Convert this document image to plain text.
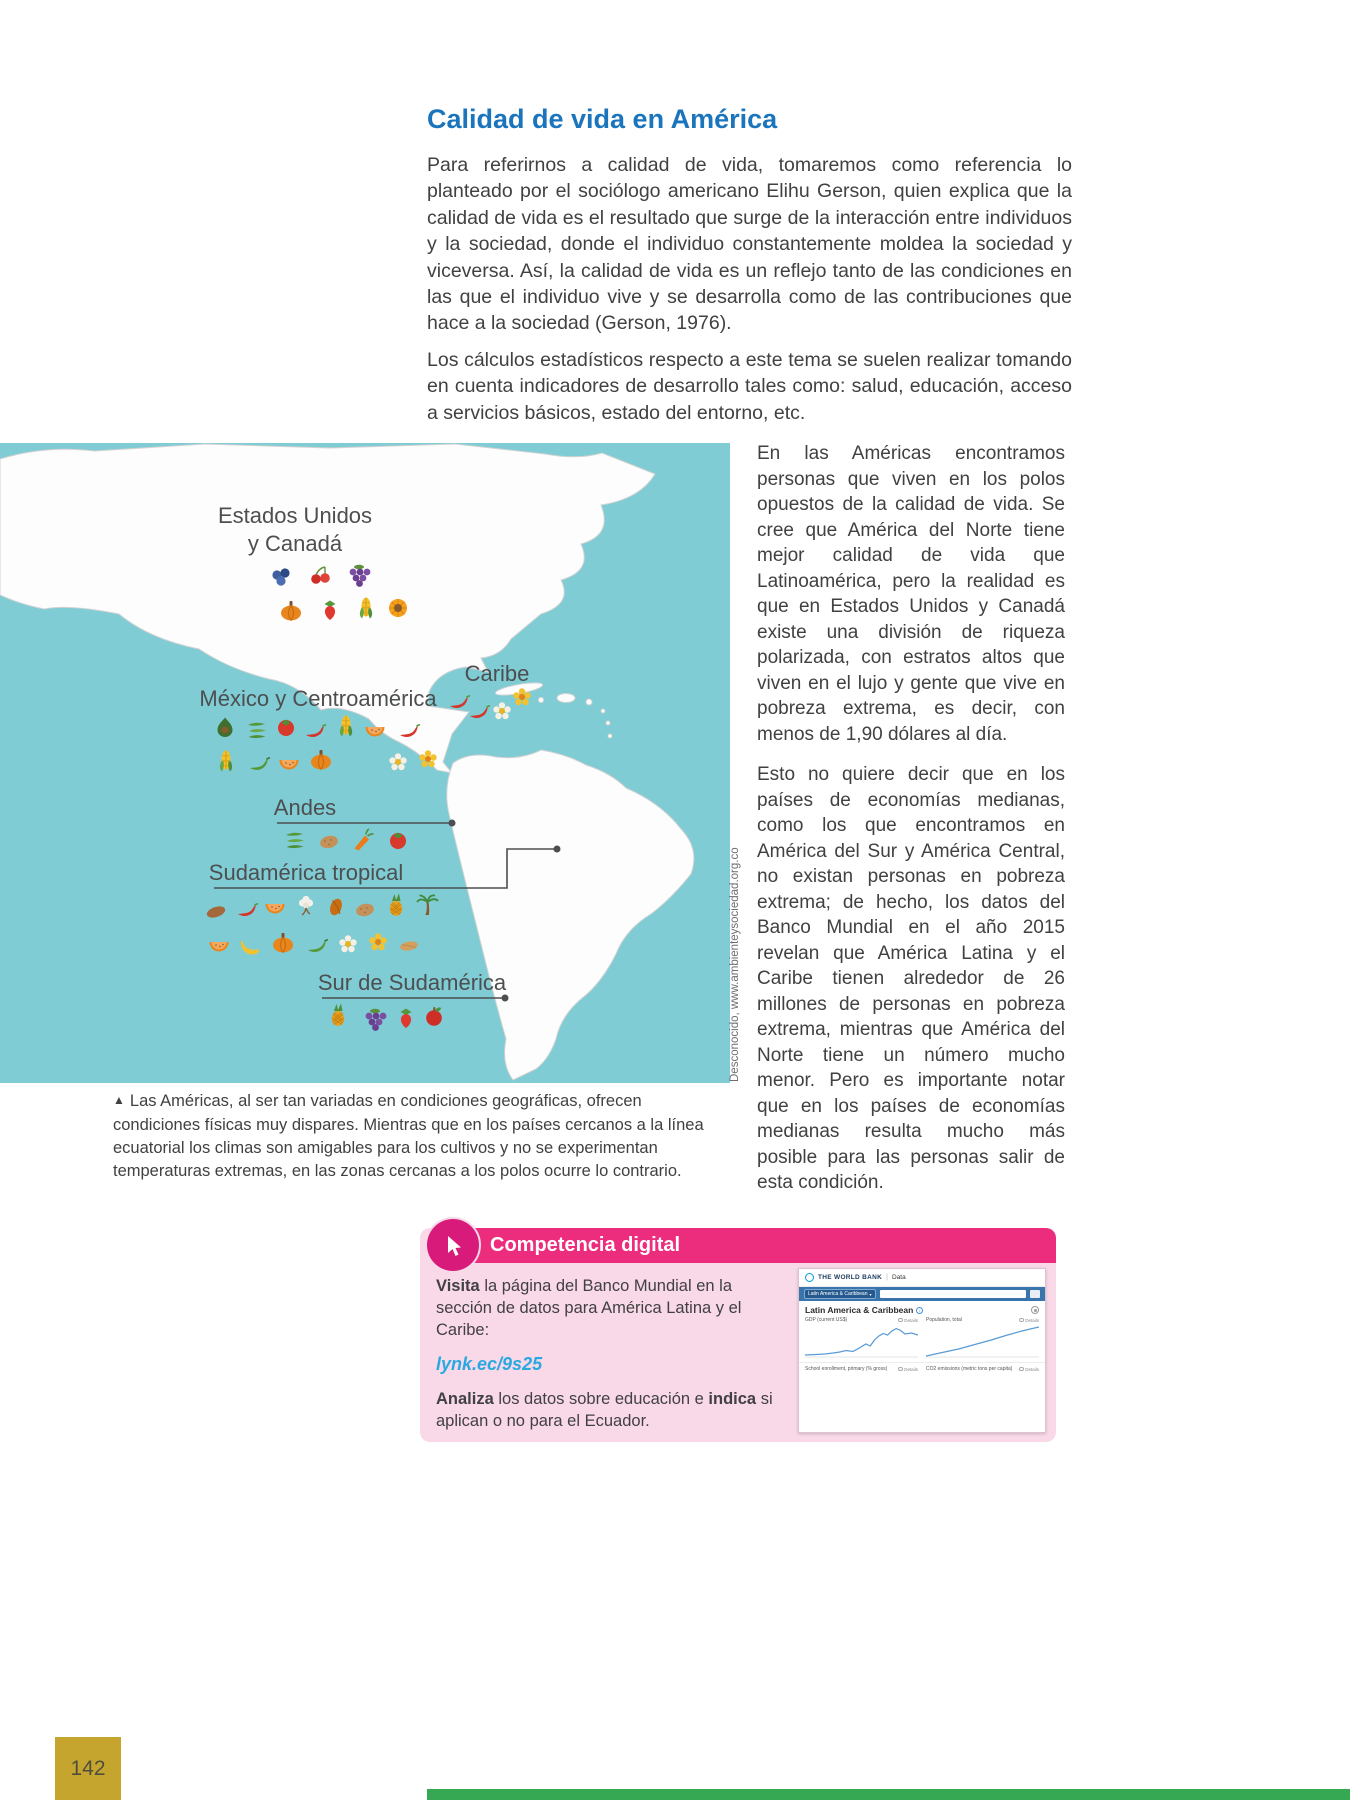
Calidad de vida en América

Para referirnos a calidad de vida, tomaremos como referencia lo planteado por el sociólogo americano Elihu Gerson, quien explica que la calidad de vida es el resultado que surge de la interacción entre individuos y la sociedad, donde el individuo constantemente moldea la sociedad y viceversa. Así, la calidad de vida es un reflejo tanto de las condiciones en las que el individuo vive y se desarrolla como de las contribuciones que hace a la sociedad (Gerson, 1976).

Los cálculos estadísticos respecto a este tema se suelen realizar tomando en cuenta indicadores de desarrollo tales como: salud, educación, acceso a servicios básicos, estado del entorno, etc.

Estados Unidos
y Canadá
Caribe
México y Centroamérica
Andes
Sudamérica tropical
Sur de Sudamérica	Desconocido, www.ambienteysociedad.org.co

▲ Las Américas, al ser tan variadas en condiciones geográficas, ofrecen condiciones físicas muy dispares. Mientras que en los países cercanos a la línea ecuatorial los climas son amigables para los cultivos y no se experimentan temperaturas extremas, en las zonas cercanas a los polos ocurre lo contrario.

En las Américas encontramos personas que viven en los polos opuestos de la calidad de vida. Se cree que América del Norte tiene mejor calidad de vida que Latinoamérica, pero la realidad es que en Estados Unidos y Canadá existe una división de riqueza polarizada, con estratos altos que viven en el lujo y gente que vive en pobreza extrema, es decir, con menos de 1,90 dólares al día.

Esto no quiere decir que en los países de economías medianas, como los que encontramos en América del Sur y América Central, no existan personas en pobreza extrema; de hecho, los datos del Banco Mundial en el año 2015 revelan que América Latina y el Caribe tienen alrededor de 26 millones de personas en pobreza extrema, mientras que América del Norte tiene un número mucho menor. Pero es importante notar que en los países de economías medianas resulta mucho más posible para las personas salir de esta condición.

Competencia digital

Visita la página del Banco Mundial en la sección de datos para América Latina y el Caribe:

lynk.ec/9s25

Analiza los datos sobre educación e indica si aplican o no para el Ecuador.

THE WORLD BANK | Data
Latin America & Caribbean ▾
Latin America & Caribbean	i
GDP (current US$)	Details Population, total	Details
School enrollment, primary (% gross)	Details CO2 emissions (metric tons per capita)	Details
142
